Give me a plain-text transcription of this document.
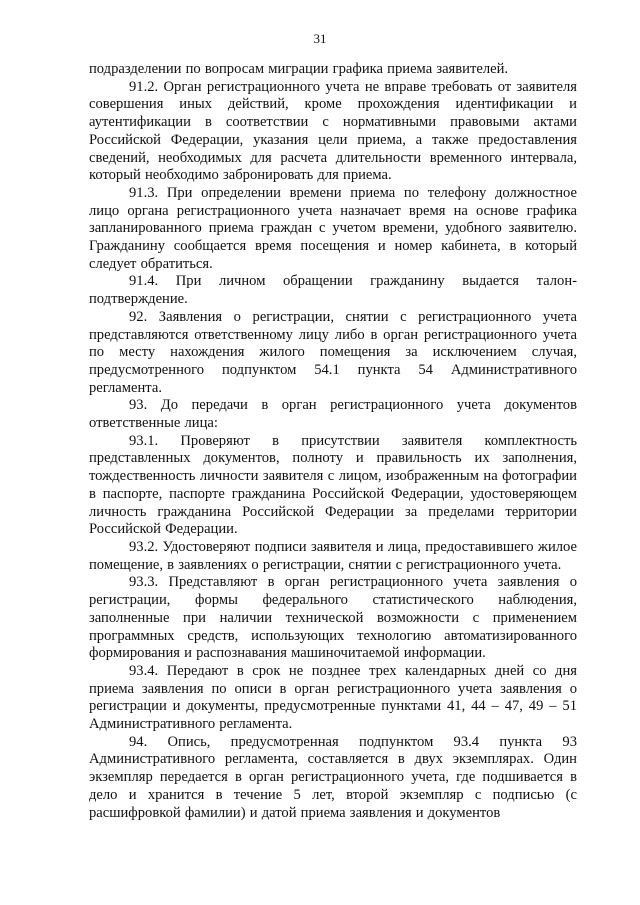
31

подразделении по вопросам миграции графика приема заявителей.

91.2. Орган регистрационного учета не вправе требовать от заявителя совершения иных действий, кроме прохождения идентификации и аутентификации в соответствии с нормативными правовыми актами Российской Федерации, указания цели приема, а также предоставления сведений, необходимых для расчета длительности временного интервала, который необходимо забронировать для приема.

91.3. При определении времени приема по телефону должностное лицо органа регистрационного учета назначает время на основе графика запланированного приема граждан с учетом времени, удобного заявителю. Гражданину сообщается время посещения и номер кабинета, в который следует обратиться.

91.4. При личном обращении гражданину выдается талон-подтверждение.

92. Заявления о регистрации, снятии с регистрационного учета представляются ответственному лицу либо в орган регистрационного учета по месту нахождения жилого помещения за исключением случая, предусмотренного подпунктом 54.1 пункта 54 Административного регламента.

93. До передачи в орган регистрационного учета документов ответственные лица:

93.1. Проверяют в присутствии заявителя комплектность представленных документов, полноту и правильность их заполнения, тождественность личности заявителя с лицом, изображенным на фотографии в паспорте, паспорте гражданина Российской Федерации, удостоверяющем личность гражданина Российской Федерации за пределами территории Российской Федерации.

93.2. Удостоверяют подписи заявителя и лица, предоставившего жилое помещение, в заявлениях о регистрации, снятии с регистрационного учета.

93.3. Представляют в орган регистрационного учета заявления о регистрации, формы федерального статистического наблюдения, заполненные при наличии технической возможности с применением программных средств, использующих технологию автоматизированного формирования и распознавания машиночитаемой информации.

93.4. Передают в срок не позднее трех календарных дней со дня приема заявления по описи в орган регистрационного учета заявления о регистрации и документы, предусмотренные пунктами 41, 44 – 47, 49 – 51 Административного регламента.

94. Опись, предусмотренная подпунктом 93.4 пункта 93 Административного регламента, составляется в двух экземплярах. Один экземпляр передается в орган регистрационного учета, где подшивается в дело и хранится в течение 5 лет, второй экземпляр с подписью (с расшифровкой фамилии) и датой приема заявления и документов
